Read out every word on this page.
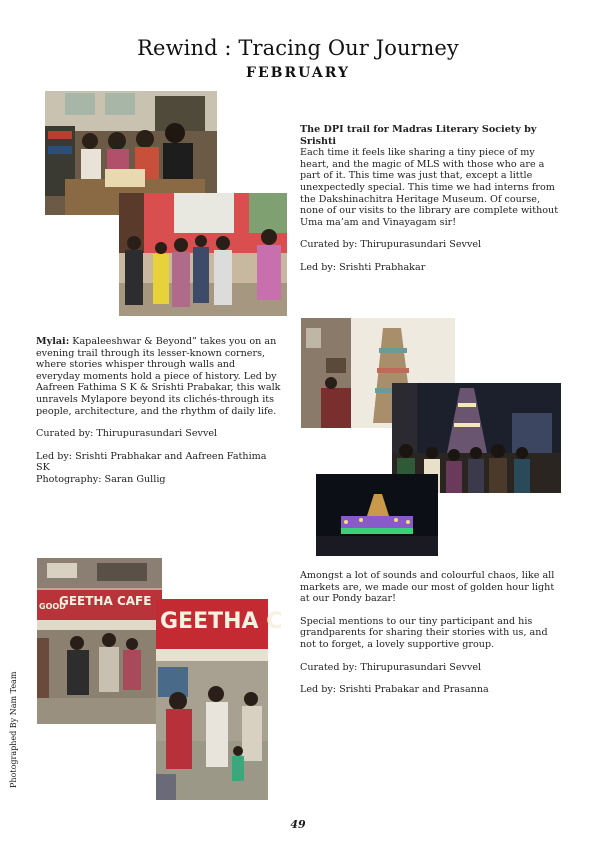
Rewind : Tracing Our Journey
FEBRUARY

The DPI trail for Madras Literary Society by Srishti

Each time it feels like sharing a tiny piece of my heart, and the magic of MLS with those who are a part of it. This time was just that, except a little unexpectedly special. This time we had interns from the Dakshinachitra Heritage Museum. Of course, none of our visits to the library are complete without Uma ma’am and Vinayagam sir!

Curated by: Thirupurasundari Sevvel

Led by: Srishti Prabhakar

Mylai: Kapaleeshwar & Beyond” takes you on an evening trail through its lesser-known corners, where stories whisper through walls and everyday moments hold a piece of history. Led by Aafreen Fathima S K & Srishti Prabakar, this walk unravels Mylapore beyond its clichés-through its people, architecture, and the rhythm of daily life.

Curated by: Thirupurasundari Sevvel

Led by: Srishti Prabhakar and Aafreen Fathima SK

Photography: Saran Gullig

GEETHA CAFE
GOOD
GEETHA C

Amongst a lot of sounds and colourful chaos, like all markets are, we made our most of golden hour light at our Pondy bazar!

Special mentions to our tiny participant and his grandparents for sharing their stories with us, and not to forget, a lovely supportive group.

Curated by: Thirupurasundari Sevvel

Led by: Srishti Prabakar and Prasanna

Photographed By Nam Team
49
